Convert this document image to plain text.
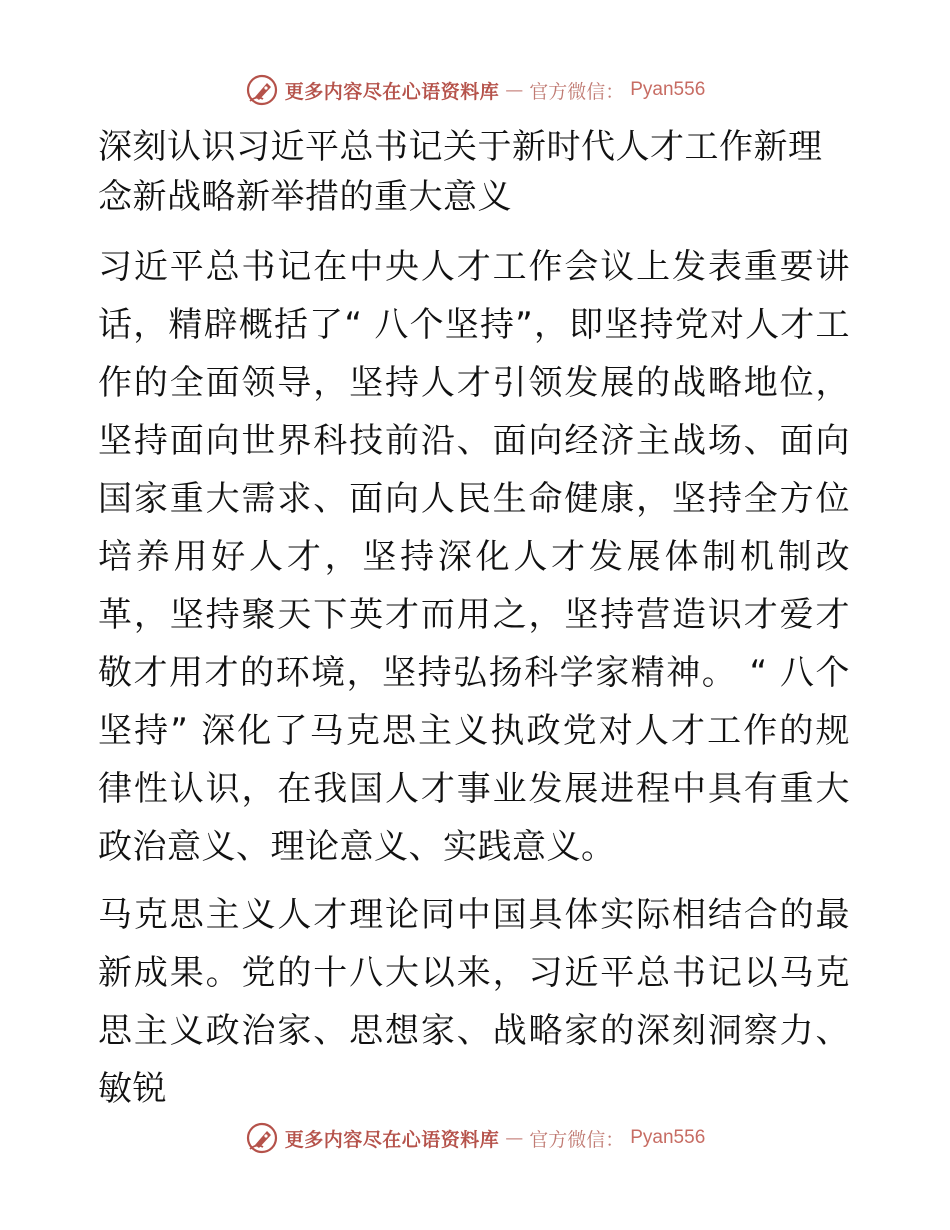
更多内容尽在心语资料库 — 官方微信： Pyan556
深刻认识习近平总书记关于新时代人才工作新理念新战略新举措的重大意义

习近平总书记在中央人才工作会议上发表重要讲话，精辟概括了“ 八个坚持”，即坚持党对人才工作的全面领导，坚持人才引领发展的战略地位，坚持面向世界科技前沿、面向经济主战场、面向国家重大需求、面向人民生命健康，坚持全方位培养用好人才，坚持深化人才发展体制机制改革，坚持聚天下英才而用之，坚持营造识才爱才敬才用才的环境，坚持弘扬科学家精神。 “ 八个坚持” 深化了马克思主义执政党对人才工作的规律性认识，在我国人才事业发展进程中具有重大政治意义、理论意义、实践意义。

马克思主义人才理论同中国具体实际相结合的最新成果。党的十八大以来，习近平总书记以马克思主义政治家、思想家、战略家的深刻洞察力、敏锐

更多内容尽在心语资料库 — 官方微信： Pyan556
